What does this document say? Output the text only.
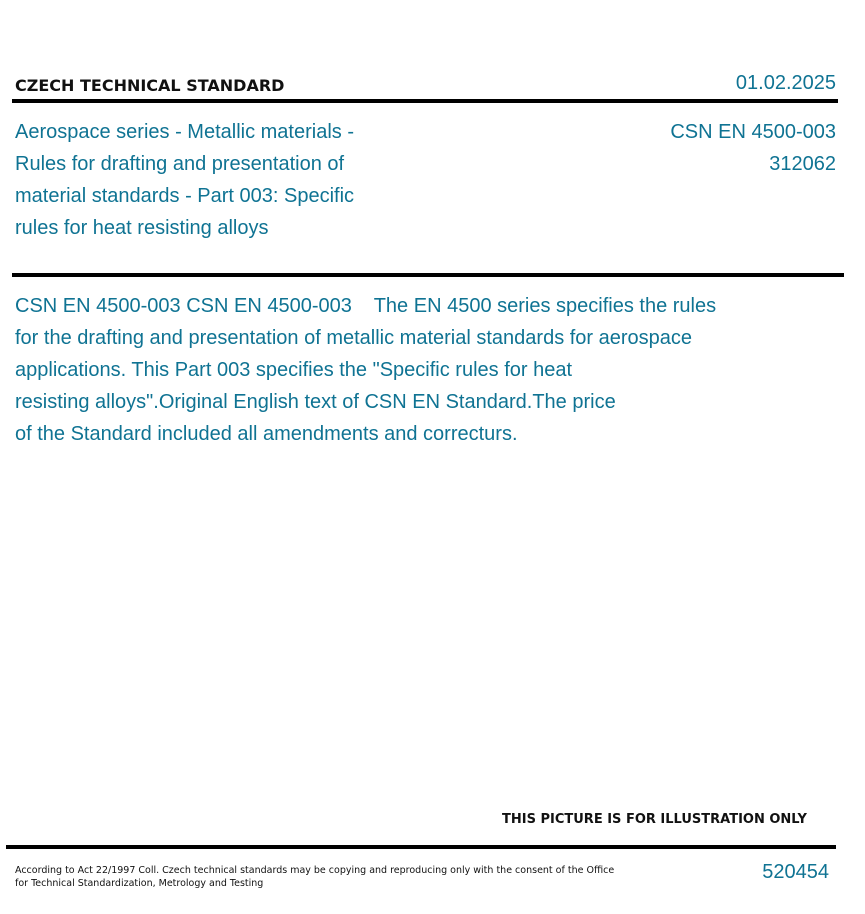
CZECH TECHNICAL STANDARD	01.02.2025
Aerospace series - Metallic materials - Rules for drafting and presentation of material standards - Part 003: Specific rules for heat resisting alloys
CSN EN 4500-003
312062
CSN EN 4500-003 CSN EN 4500-003    The EN 4500 series specifies the rules
for the drafting and presentation of metallic material standards for aerospace
applications. This Part 003 specifies the "Specific rules for heat
resisting alloys".Original English text of CSN EN Standard.The price
of the Standard included all amendments and correcturs.
THIS PICTURE IS FOR ILLUSTRATION ONLY
According to Act 22/1997 Coll. Czech technical standards may be copying and reproducing only with the consent of the Office
for Technical Standardization, Metrology and Testing
520454
